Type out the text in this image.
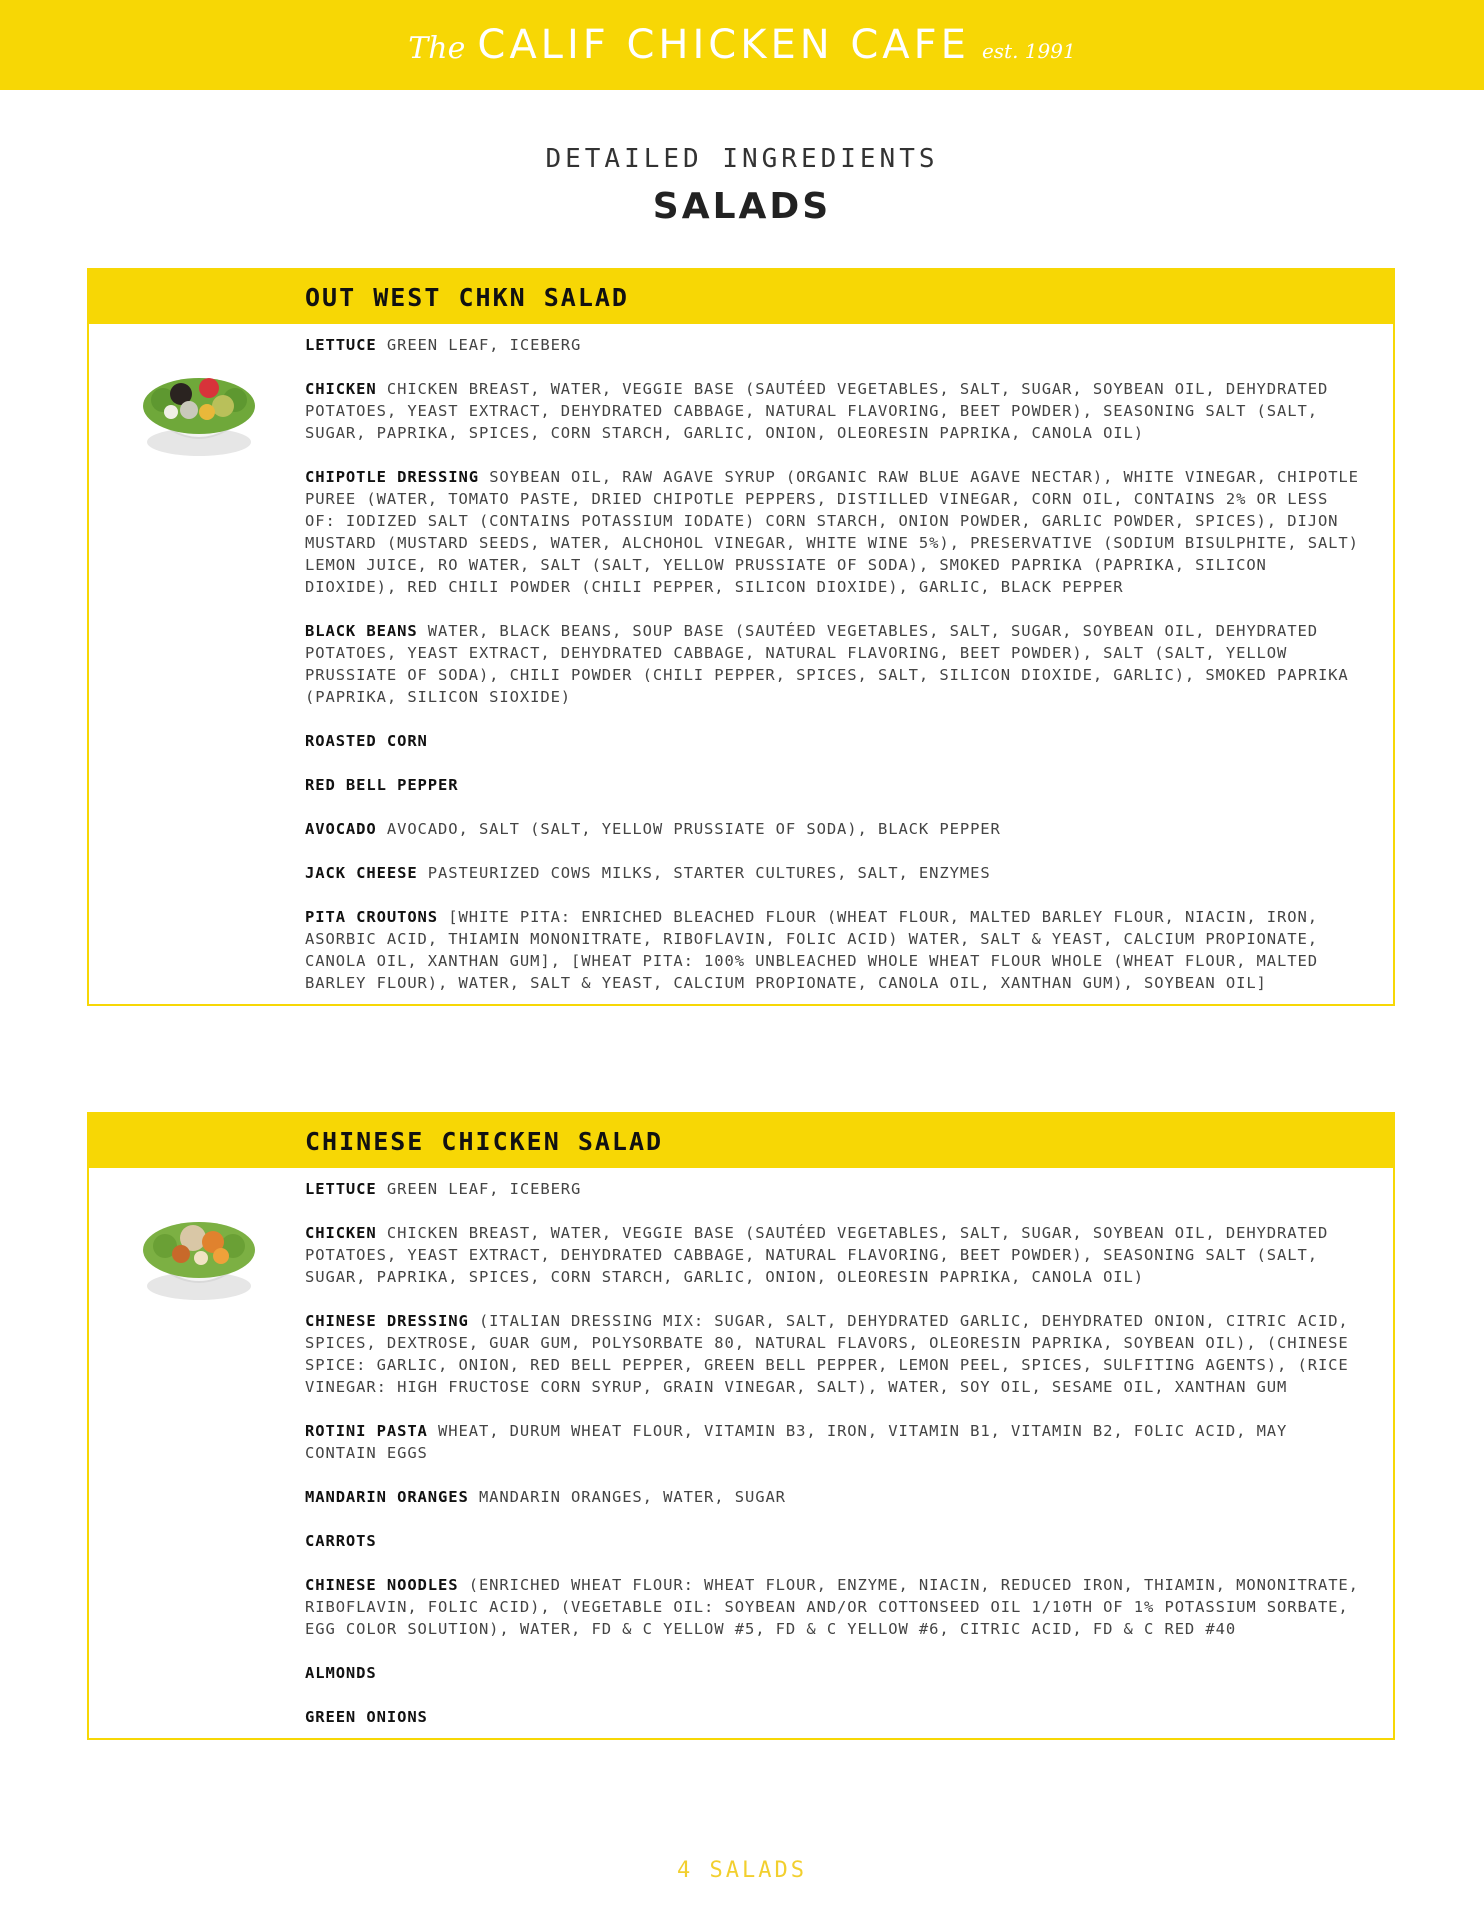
The CALIF CHICKEN CAFE est. 1991
DETAILED INGREDIENTS
SALADS
OUT WEST CHKN SALAD

LETTUCE GREEN LEAF, ICEBERG

CHICKEN CHICKEN BREAST, WATER, VEGGIE BASE (SAUTÉED VEGETABLES, SALT, SUGAR, SOYBEAN OIL, DEHYDRATED POTATOES, YEAST EXTRACT, DEHYDRATED CABBAGE, NATURAL FLAVORING, BEET POWDER), SEASONING SALT (SALT, SUGAR, PAPRIKA, SPICES, CORN STARCH, GARLIC, ONION, OLEORESIN PAPRIKA, CANOLA OIL)

CHIPOTLE DRESSING SOYBEAN OIL, RAW AGAVE SYRUP (ORGANIC RAW BLUE AGAVE NECTAR), WHITE VINEGAR, CHIPOTLE PUREE (WATER, TOMATO PASTE, DRIED CHIPOTLE PEPPERS, DISTILLED VINEGAR, CORN OIL, CONTAINS 2% OR LESS OF: IODIZED SALT (CONTAINS POTASSIUM IODATE) CORN STARCH, ONION POWDER, GARLIC POWDER, SPICES), DIJON MUSTARD (MUSTARD SEEDS, WATER, ALCHOHOL VINEGAR, WHITE WINE 5%), PRESERVATIVE (SODIUM BISULPHITE, SALT) LEMON JUICE, RO WATER, SALT (SALT, YELLOW PRUSSIATE OF SODA), SMOKED PAPRIKA (PAPRIKA, SILICON DIOXIDE), RED CHILI POWDER (CHILI PEPPER, SILICON DIOXIDE), GARLIC, BLACK PEPPER

BLACK BEANS WATER, BLACK BEANS, SOUP BASE (SAUTÉED VEGETABLES, SALT, SUGAR, SOYBEAN OIL, DEHYDRATED POTATOES, YEAST EXTRACT, DEHYDRATED CABBAGE, NATURAL FLAVORING, BEET POWDER), SALT (SALT, YELLOW PRUSSIATE OF SODA), CHILI POWDER (CHILI PEPPER, SPICES, SALT, SILICON DIOXIDE, GARLIC), SMOKED PAPRIKA (PAPRIKA, SILICON SIOXIDE)

ROASTED CORN

RED BELL PEPPER

AVOCADO AVOCADO, SALT (SALT, YELLOW PRUSSIATE OF SODA), BLACK PEPPER

JACK CHEESE PASTEURIZED COWS MILKS, STARTER CULTURES, SALT, ENZYMES

PITA CROUTONS [WHITE PITA: ENRICHED BLEACHED FLOUR (WHEAT FLOUR, MALTED BARLEY FLOUR, NIACIN, IRON, ASORBIC ACID, THIAMIN MONONITRATE, RIBOFLAVIN, FOLIC ACID) WATER, SALT & YEAST, CALCIUM PROPIONATE, CANOLA OIL, XANTHAN GUM], [WHEAT PITA: 100% UNBLEACHED WHOLE WHEAT FLOUR WHOLE (WHEAT FLOUR, MALTED BARLEY FLOUR), WATER, SALT & YEAST, CALCIUM PROPIONATE, CANOLA OIL, XANTHAN GUM), SOYBEAN OIL]

CHINESE CHICKEN SALAD

LETTUCE GREEN LEAF, ICEBERG

CHICKEN CHICKEN BREAST, WATER, VEGGIE BASE (SAUTÉED VEGETABLES, SALT, SUGAR, SOYBEAN OIL, DEHYDRATED POTATOES, YEAST EXTRACT, DEHYDRATED CABBAGE, NATURAL FLAVORING, BEET POWDER), SEASONING SALT (SALT, SUGAR, PAPRIKA, SPICES, CORN STARCH, GARLIC, ONION, OLEORESIN PAPRIKA, CANOLA OIL)

CHINESE DRESSING (ITALIAN DRESSING MIX: SUGAR, SALT, DEHYDRATED GARLIC, DEHYDRATED ONION, CITRIC ACID, SPICES, DEXTROSE, GUAR GUM, POLYSORBATE 80, NATURAL FLAVORS, OLEORESIN PAPRIKA, SOYBEAN OIL), (CHINESE SPICE: GARLIC, ONION, RED BELL PEPPER, GREEN BELL PEPPER, LEMON PEEL, SPICES, SULFITING AGENTS), (RICE VINEGAR: HIGH FRUCTOSE CORN SYRUP, GRAIN VINEGAR, SALT), WATER, SOY OIL, SESAME OIL, XANTHAN GUM

ROTINI PASTA WHEAT, DURUM WHEAT FLOUR, VITAMIN B3, IRON, VITAMIN B1, VITAMIN B2, FOLIC ACID, MAY CONTAIN EGGS

MANDARIN ORANGES MANDARIN ORANGES, WATER, SUGAR

CARROTS

CHINESE NOODLES (ENRICHED WHEAT FLOUR: WHEAT FLOUR, ENZYME, NIACIN, REDUCED IRON, THIAMIN, MONONITRATE, RIBOFLAVIN, FOLIC ACID), (VEGETABLE OIL: SOYBEAN AND/OR COTTONSEED OIL 1/10TH OF 1% POTASSIUM SORBATE, EGG COLOR SOLUTION), WATER, FD & C YELLOW #5, FD & C YELLOW #6, CITRIC ACID, FD & C RED #40

ALMONDS

GREEN ONIONS

4 SALADS
